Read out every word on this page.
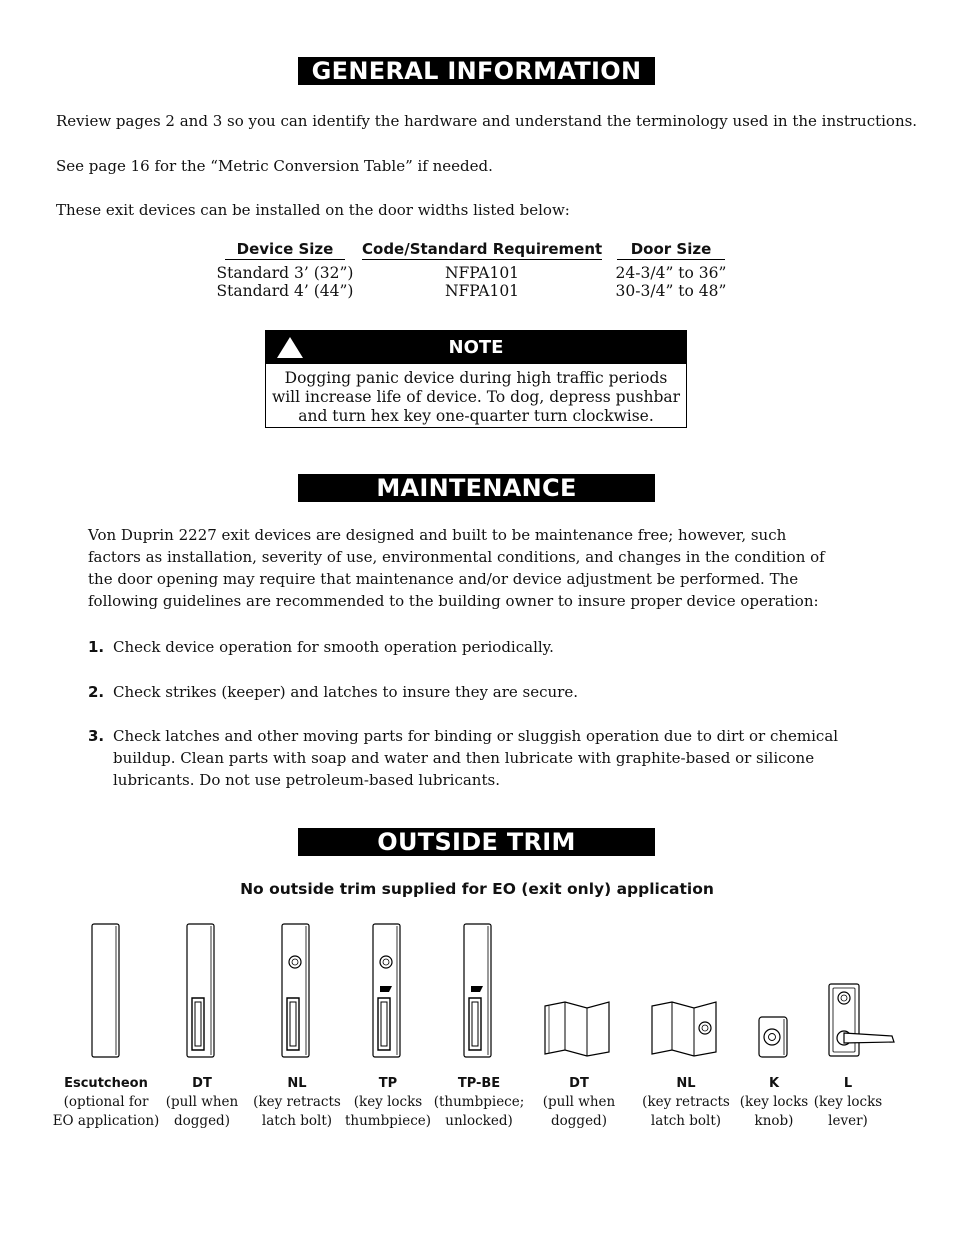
GENERAL INFORMATION

Review pages 2 and 3 so you can identify the hardware and understand the terminology used in the instructions.

See page 16 for the “Metric Conversion Table” if needed.

These exit devices can be installed on the door widths listed below:

Device Size
Standard 3’ (32”)
Standard 4’ (44”)
Code/Standard Requirement
NFPA101
NFPA101
Door Size
24-3/4” to 36”
30-3/4” to 48”
NOTE
Dogging panic device during high traffic periods
will increase life of device. To dog, depress pushbar
and turn hex key one-quarter turn clockwise.
MAINTENANCE
Von Duprin 2227 exit devices are designed and built to be maintenance free; however, such
factors as installation, severity of use, environmental conditions, and changes in the condition of
the door opening may require that maintenance and/or device adjustment be performed. The
following guidelines are recommended to the building owner to insure proper device operation:
1. Check device operation for smooth operation periodically.
2. Check strikes (keeper) and latches to insure they are secure.
3. Check latches and other moving parts for binding or sluggish operation due to dirt or chemical
buildup. Clean parts with soap and water and then lubricate with graphite-based or silicone
lubricants. Do not use petroleum-based lubricants.
OUTSIDE TRIM
No outside trim supplied for EO (exit only) application
Escutcheon
(optional for
EO application)
DT
(pull when
dogged)
NL
(key retracts
latch bolt)
TP
(key locks
thumbpiece)
TP-BE
(thumbpiece;
unlocked)
DT
(pull when
dogged)
NL
(key retracts
latch bolt)
K
(key locks
knob)
L
(key locks
lever)
